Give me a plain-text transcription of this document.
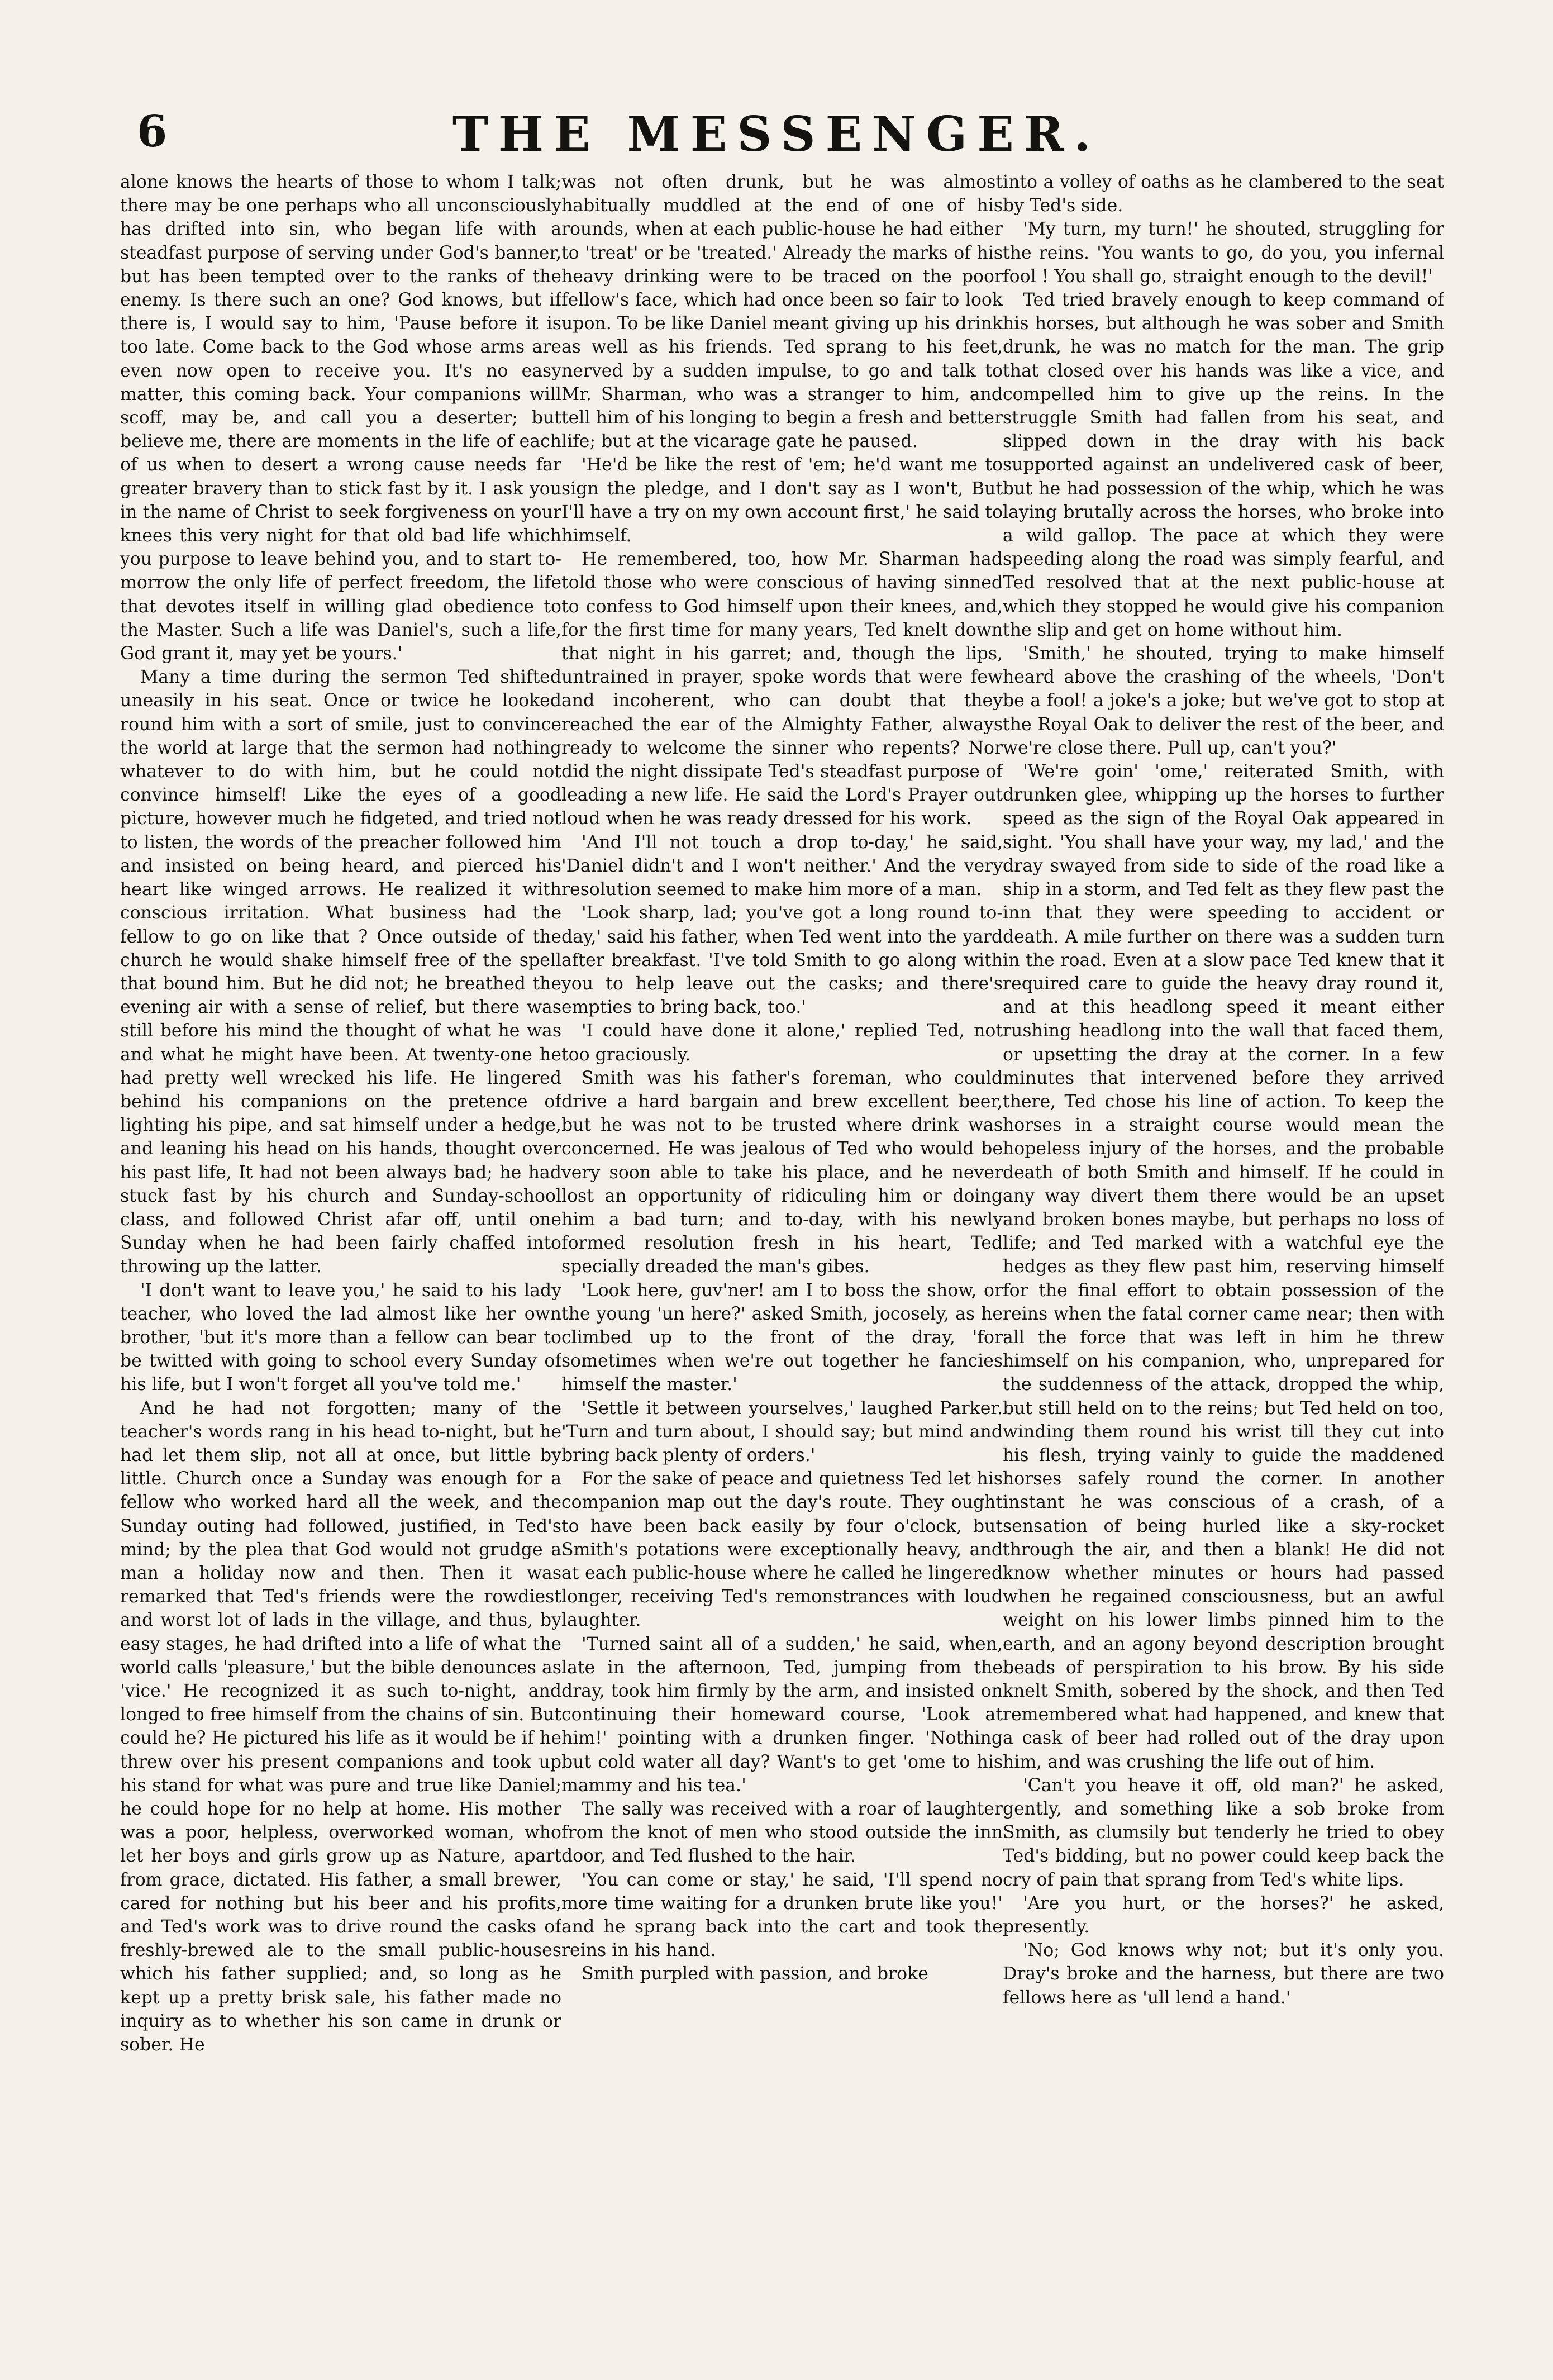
6	THE MESSENGER.

alone knows the hearts of those to whom I talk; there may be one perhaps who all unconsciously has drifted into sin, who began life with a steadfast purpose of serving under God's banner, but has been tempted over to the ranks of the enemy. Is there such an one? God knows, but if there is, I would say to him, 'Pause before it is too late. Come back to the God whose arms are even now open to receive you. It's no easy matter, this coming back. Your companions will scoff, may be, and call you a deserter; but believe me, there are moments in the life of each of us when to desert a wrong cause needs far greater bravery than to stick fast by it. I ask you in the name of Christ to seek forgiveness on your knees this very night for that old bad life which you purpose to leave behind you, and to start to-morrow the only life of perfect freedom, the life that devotes itself in willing glad obedience to the Master. Such a life was Daniel's, such a life, God grant it, may yet be yours.'

Many a time during the sermon Ted shifted uneasily in his seat. Once or twice he looked round him with a sort of smile, just to convince the world at large that the sermon had nothing whatever to do with him, but he could not convince himself! Like the eyes of a good picture, however much he fidgeted, and tried not to listen, the words of the preacher followed him and insisted on being heard, and pierced his heart like winged arrows. He realized it with conscious irritation. What business had the fellow to go on like that ? Once outside of the church he would shake himself free of the spell that bound him. But he did not; he breathed the evening air with a sense of relief, but there was still before his mind the thought of what he was and what he might have been. At twenty-one he had pretty well wrecked his life. He lingered behind his companions on the pretence of lighting his pipe, and sat himself under a hedge, and leaning his head on his hands, thought over his past life, It had not been always bad; he had stuck fast by his church and Sunday-school class, and followed Christ afar off, until one Sunday when he had been fairly chaffed into throwing up the latter.

'I don't want to leave you,' he said to his lady teacher, who loved the lad almost like her own brother, 'but it's more than a fellow can bear to be twitted with going to school every Sunday of his life, but I won't forget all you've told me.'

And he had not forgotten; many of the teacher's words rang in his head to-night, but he had let them slip, not all at once, but little by little. Church once a Sunday was enough for a fellow who worked hard all the week, and the Sunday outing had followed, justified, in Ted's mind; by the plea that God would not grudge a man a holiday now and then. Then it was remarked that Ted's friends were the rowdiest and worst lot of lads in the village, and thus, by easy stages, he had drifted into a life of what the world calls 'pleasure,' but the bible denounces as 'vice.' He recognized it as such to-night, and longed to free himself from the chains of sin. But could he? He pictured his life as it would be if he threw over his present companions and took up his stand for what was pure and true like Daniel; he could hope for no help at home. His mother was a poor, helpless, overworked woman, who let her boys and girls grow up as Nature, apart from grace, dictated. His father, a small brewer, cared for nothing but his beer and his profits, and Ted's work was to drive round the casks of freshly-brewed ale to the small public-houses which his father supplied; and, so long as he kept up a pretty brisk sale, his father made no inquiry as to whether his son came in drunk or sober. He

was not often drunk, but he was almost habitually muddled at the end of one of his rounds, when at each public-house he had either to 'treat' or be 'treated.' Already the marks of his heavy drinking were to be traced on the poor fellow's face, which had once been so fair to look upon. To be like Daniel meant giving up his drink as well as his friends. Ted sprang to his feet, nerved by a sudden impulse, to go and talk to Mr. Sharman, who was a stranger to him, and tell him of his longing to begin a fresh and better life; but at the vicarage gate he paused.

'He'd be like the rest of 'em; he'd want me to sign the pledge, and I don't say as I won't, But I'll have a try on my own account first,' he said to himself.

He remembered, too, how Mr. Sharman had told those who were conscious of having sinned to confess to God himself upon their knees, and, for the first time for many years, Ted knelt down that night in his garret; and, though the lips, untrained in prayer, spoke words that were few and incoherent, who can doubt that they reached the ear of the Almighty Father, always ready to welcome the sinner who repents? Nor did the night dissipate Ted's steadfast purpose of leading a new life. He said the Lord's Prayer out loud when he was ready dressed for his work.

'And I'll not touch a drop to-day,' he said, 'Daniel didn't and I won't neither.' And the very resolution seemed to make him more of a man.

'Look sharp, lad; you've got a long round to-day,' said his father, when Ted went into the yard after breakfast. 'I've told Smith to go along with you to help leave out the casks; and there's empties to bring back, too.'

'I could have done it alone,' replied Ted, not too graciously.

Smith was his father's foreman, who could drive a hard bargain and brew excellent beer, but he was not to be trusted where drink was concerned. He was jealous of Ted who would be very soon able to take his place, and he never lost an opportunity of ridiculing him or doing him a bad turn; and to-day, with his newly formed resolution fresh in his heart, Ted specially dreaded the man's gibes.

'Look here, guv'ner! am I to boss the show, or the young 'un here?' asked Smith, jocosely, as he climbed up to the front of the dray, 'for sometimes when we're out together he fancies himself the master.'

'Settle it between yourselves,' laughed Parker. 'Turn and turn about, I should say; but mind and bring back plenty of orders.'

For the sake of peace and quietness Ted let his companion map out the day's route. They ought to have been back easily by four o'clock, but Smith's potations were exceptionally heavy, and at each public-house where he called he lingered longer, receiving Ted's remonstrances with loud laughter.

'Turned saint all of a sudden,' he said, when, late in the afternoon, Ted, jumping from the dray, took him firmly by the arm, and insisted on continuing their homeward course, 'Look at him!' pointing with a drunken finger. 'Nothing but cold water all day? Want's to get 'ome to his mammy and his tea.'

The sally was received with a roar of laughter from the knot of men who stood outside the inn door, and Ted flushed to the hair.

'You can come or stay,' he said, 'I'll spend no more time waiting for a drunken brute like you!' and he sprang back into the cart and took the reins in his hand.

Smith purpled with passion, and broke

into a volley of oaths as he clambered to the seat by Ted's side.

'My turn, my turn!' he shouted, struggling for the reins. 'You wants to go, do you, you infernal fool ! You shall go, straight enough to the devil!'

Ted tried bravely enough to keep command of his horses, but although he was sober and Smith drunk, he was no match for the man. The grip that closed over his hands was like a vice, and compelled him to give up the reins. In the struggle Smith had fallen from his seat, and slipped down in the dray with his back supported against an undelivered cask of beer, but he had possession of the whip, which he was laying brutally across the horses, who broke into a wild gallop. The pace at which they were speeding along the road was simply fearful, and Ted resolved that at the next public-house at which they stopped he would give his companion the slip and get on home without him.

'Smith,' he shouted, trying to make himself heard above the crashing of the wheels, 'Don't be a fool! a joke's a joke; but we've got to stop at the Royal Oak to deliver the rest of the beer, and we're close there. Pull up, can't you?'

'We're goin' 'ome,' reiterated Smith, with drunken glee, whipping up the horses to further speed as the sign of the Royal Oak appeared in sight. 'You shall have your way, my lad,' and the dray swayed from side to side of the road like a ship in a storm, and Ted felt as they flew past the inn that they were speeding to accident or death. A mile further on there was a sudden turn in the road. Even at a slow pace Ted knew that it required care to guide the heavy dray round it, and at this headlong speed it meant either rushing headlong into the wall that faced them, or upsetting the dray at the corner. In a few minutes that intervened before they arrived there, Ted chose his line of action. To keep the horses in a straight course would mean the hopeless injury of the horses, and the probable death of both Smith and himself. If he could in any way divert them there would be an upset and broken bones maybe, but perhaps no loss of life; and Ted marked with a watchful eye the hedges as they flew past him, reserving himself for the final effort to obtain possession of the reins when the fatal corner came near; then with all the force that was left in him he threw himself on his companion, who, unprepared for the suddenness of the attack, dropped the whip, but still held on to the reins; but Ted held on too, winding them round his wrist till they cut into his flesh, trying vainly to guide the maddened horses safely round the corner. In another instant he was conscious of a crash, of a sensation of being hurled like a sky-rocket through the air, and then a blank! He did not know whether minutes or hours had passed when he regained consciousness, but an awful weight on his lower limbs pinned him to the earth, and an agony beyond description brought beads of perspiration to his brow. By his side knelt Smith, sobered by the shock, and then Ted remembered what had happened, and knew that a cask of beer had rolled out of the dray upon him, and was crushing the life out of him.

'Can't you heave it off, old man?' he asked, gently, and something like a sob broke from Smith, as clumsily but tenderly he tried to obey Ted's bidding, but no power could keep back the cry of pain that sprang from Ted's white lips.

'Are you hurt, or the horses?' he asked, presently.

'No; God knows why not; but it's only you. Dray's broke and the harness, but there are two fellows here as 'ull lend a hand.'
